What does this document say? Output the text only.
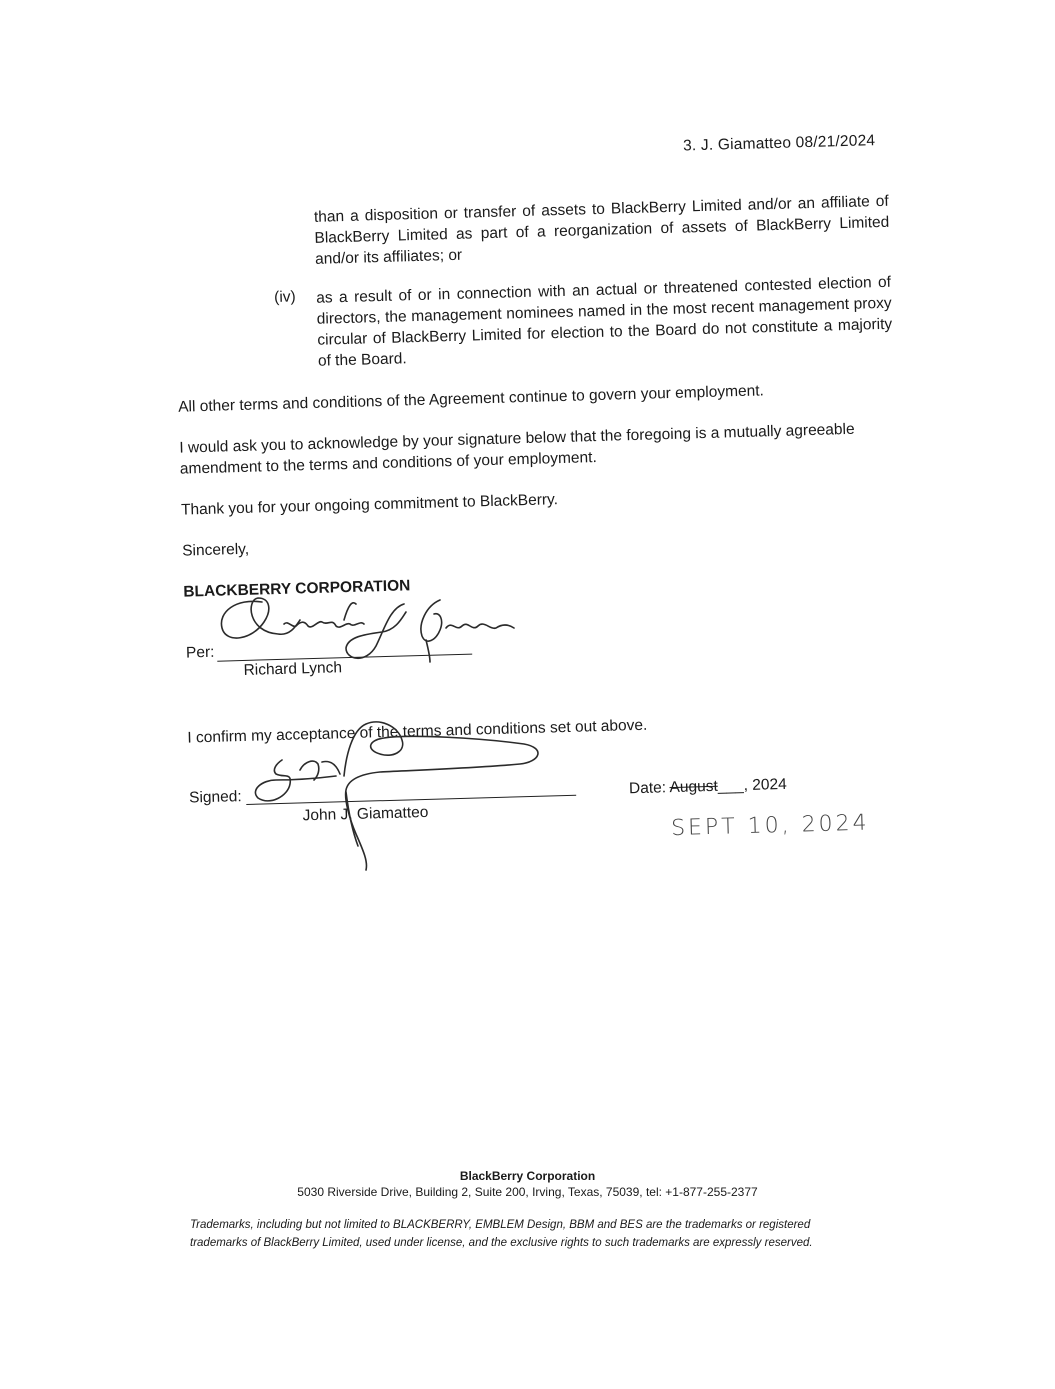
3. J. Giamatteo 08/21/2024
than a disposition or transfer of assets to BlackBerry Limited and/or an affiliate of BlackBerry Limited as part of a reorganization of assets of BlackBerry Limited and/or its affiliates; or
(iv) as a result of or in connection with an actual or threatened contested election of directors, the management nominees named in the most recent management proxy circular of BlackBerry Limited for election to the Board do not constitute a majority of the Board.
All other terms and conditions of the Agreement continue to govern your employment.
I would ask you to acknowledge by your signature below that the foregoing is a mutually agreeable amendment to the terms and conditions of your employment.
Thank you for your ongoing commitment to BlackBerry.
Sincerely,
BLACKBERRY CORPORATION
Per:
Richard Lynch
I confirm my acceptance of the terms and conditions set out above.
Signed:
John J. Giamatteo
Date: August___, 2024
SEPT 10, 2024
BlackBerry Corporation
5030 Riverside Drive, Building 2, Suite 200, Irving, Texas, 75039, tel: +1-877-255-2377
Trademarks, including but not limited to BLACKBERRY, EMBLEM Design, BBM and BES are the trademarks or registered trademarks of BlackBerry Limited, used under license, and the exclusive rights to such trademarks are expressly reserved.
